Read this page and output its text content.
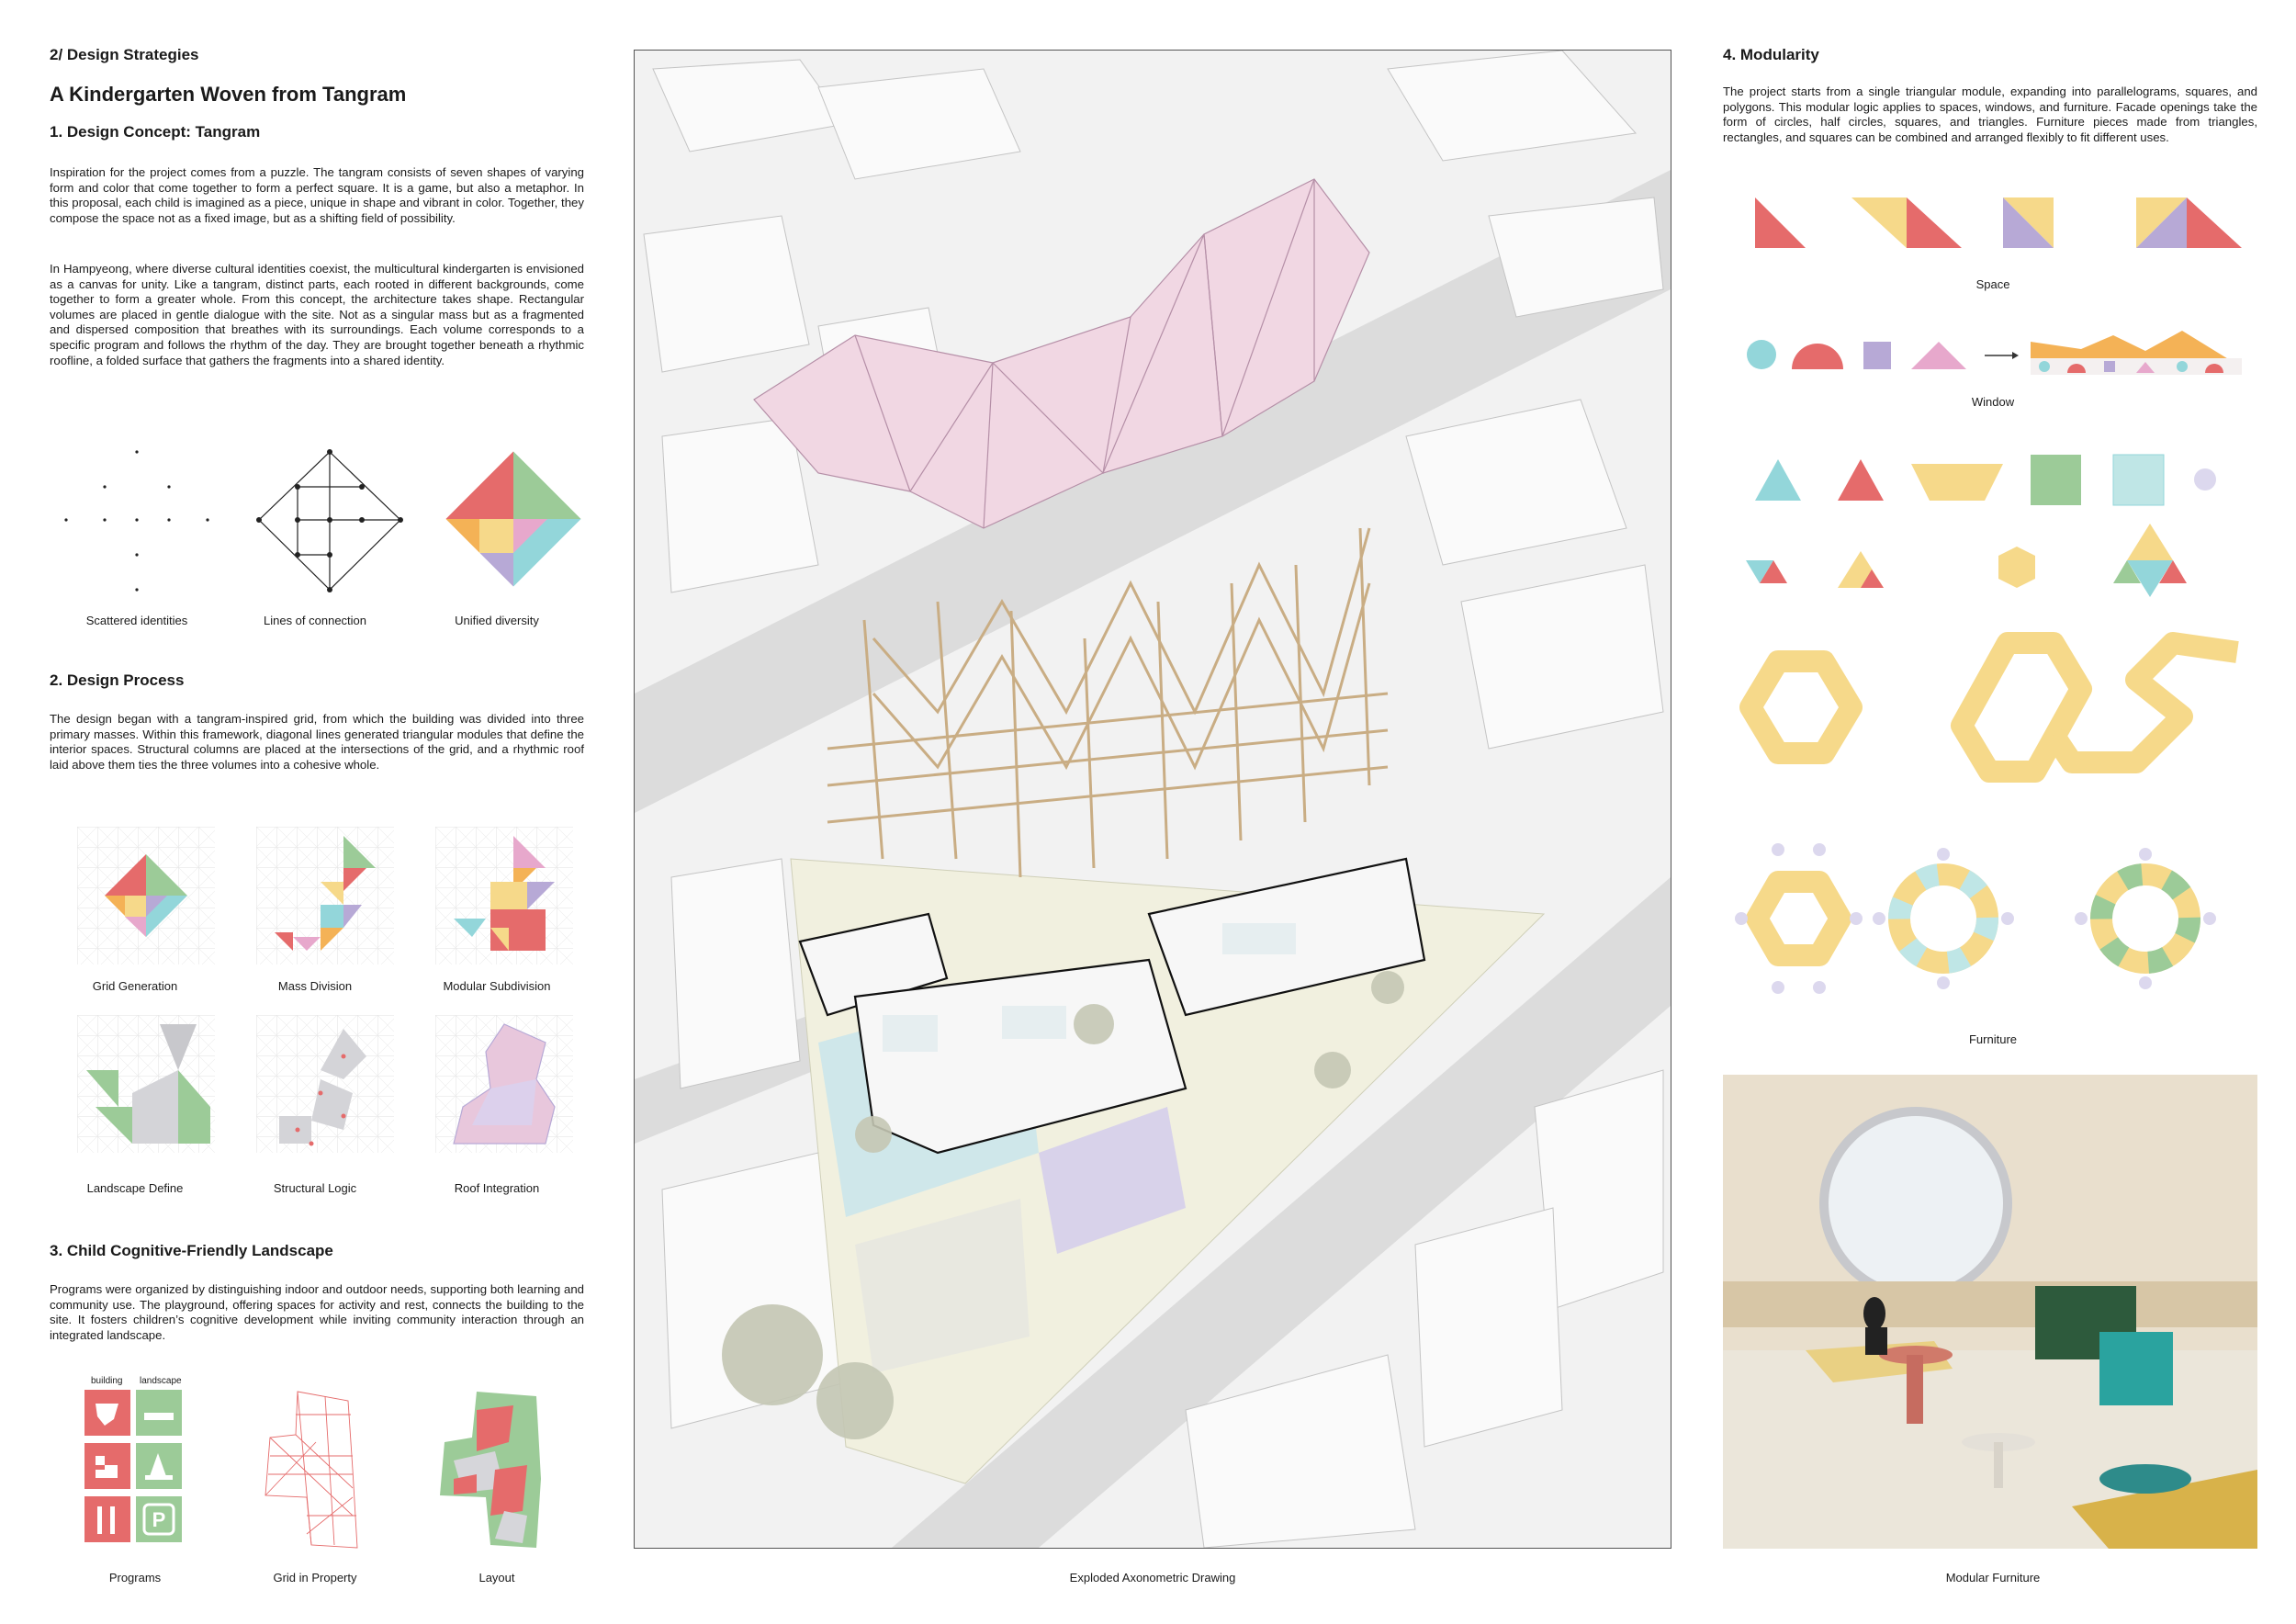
2/ Design Strategies
A Kindergarten Woven from Tangram
1. Design Concept: Tangram
Inspiration for the project comes from a puzzle. The tangram consists of seven shapes of varying form and color that come together to form a perfect square. It is a game, but also a metaphor. In this proposal, each child is imagined as a piece, unique in shape and vibrant in color. Together, they compose the space not as a fixed image, but as a shifting field of possibility.
In Hampyeong, where diverse cultural identities coexist, the multicultural kindergarten is envisioned as a canvas for unity. Like a tangram, distinct parts, each rooted in different backgrounds, come together to form a greater whole. From this concept, the architecture takes shape. Rectangular volumes are placed in gentle dialogue with the site. Not as a singular mass but as a fragmented and dispersed composition that breathes with its surroundings. Each volume corresponds to a specific program and follows the rhythm of the day. They are brought together beneath a rhythmic roofline, a folded surface that gathers the fragments into a shared identity.
Scattered identities	Lines of connection	Unified diversity
2. Design Process
The design began with a tangram-inspired grid, from which the building was divided into three primary masses. Within this framework, diagonal lines generated triangular modules that define the interior spaces. Structural columns are placed at the intersections of the grid, and a rhythmic roof laid above them ties the three volumes into a cohesive whole.
Grid Generation	Mass Division	Modular Subdivision
Landscape Define	Structural Logic	Roof Integration
3. Child Cognitive-Friendly Landscape
Programs were organized by distinguishing indoor and outdoor needs, supporting both learning and community use. The playground, offering spaces for activity and rest, connects the building to the site. It fosters children’s cognitive development while inviting community interaction through an integrated landscape.
building landscape
P
Programs	Grid in Property	Layout	Exploded Axonometric Drawing
4. Modularity
The project starts from a single triangular module, expanding into parallelograms, squares, and polygons. This modular logic applies to spaces, windows, and furniture. Facade openings take the form of circles, half circles, squares, and triangles. Furniture pieces made from triangles, rectangles, and squares can be combined and arranged flexibly to fit different uses.
Space
Window
Furniture
Modular Furniture
